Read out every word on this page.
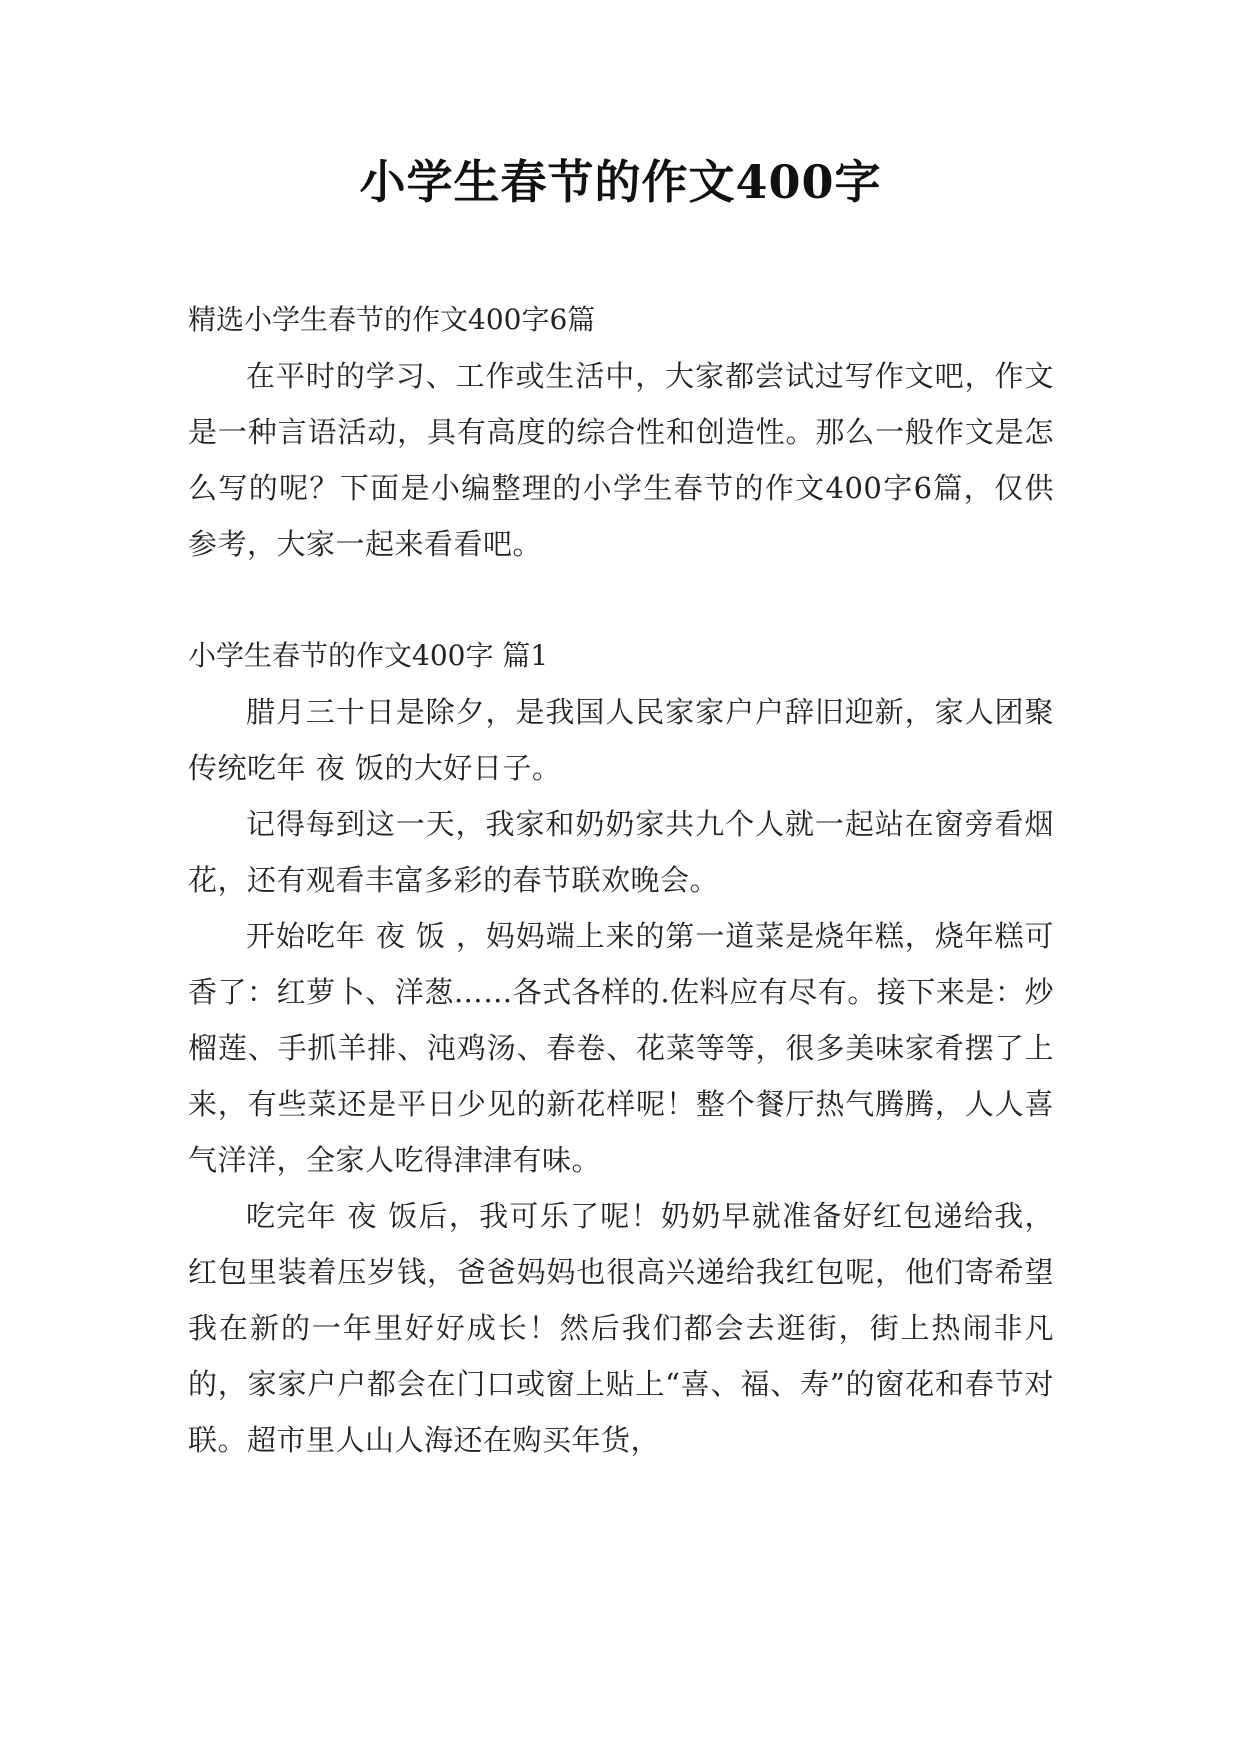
小学生春节的作文400字

精选小学生春节的作文400字6篇

在平时的学习、工作或生活中，大家都尝试过写作文吧，作文是一种言语活动，具有高度的综合性和创造性。那么一般作文是怎么写的呢？下面是小编整理的小学生春节的作文400字6篇，仅供参考，大家一起来看看吧。

小学生春节的作文400字 篇1

腊月三十日是除夕，是我国人民家家户户辞旧迎新，家人团聚传统吃年 夜 饭的大好日子。

记得每到这一天，我家和奶奶家共九个人就一起站在窗旁看烟花，还有观看丰富多彩的春节联欢晚会。

开始吃年 夜 饭 ，妈妈端上来的第一道菜是烧年糕，烧年糕可香了：红萝卜、洋葱……各式各样的.佐料应有尽有。接下来是：炒榴莲、手抓羊排、沌鸡汤、春卷、花菜等等，很多美味家肴摆了上来，有些菜还是平日少见的新花样呢！整个餐厅热气腾腾，人人喜气洋洋，全家人吃得津津有味。

吃完年 夜 饭后，我可乐了呢！奶奶早就准备好红包递给我，红包里装着压岁钱，爸爸妈妈也很高兴递给我红包呢，他们寄希望我在新的一年里好好成长！然后我们都会去逛街，街上热闹非凡的，家家户户都会在门口或窗上贴上“喜、福、寿”的窗花和春节对联。超市里人山人海还在购买年货，
